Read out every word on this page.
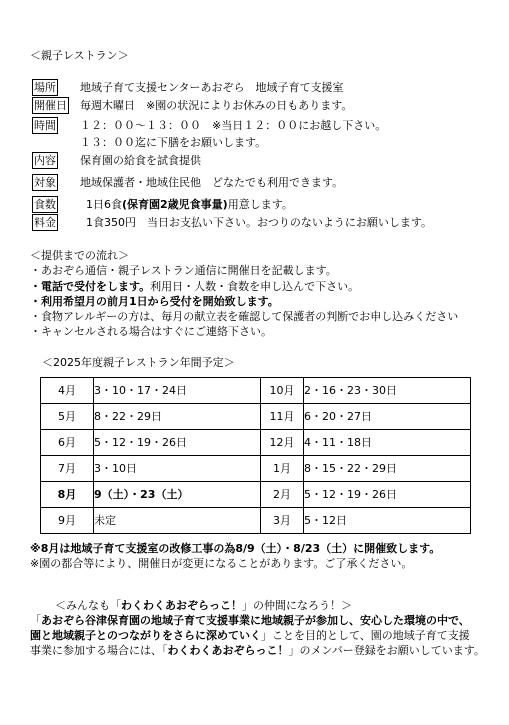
＜親子レストラン＞
場所 地域子育て支援センターあおぞら　地域子育て支援室
開催日 毎週木曜日　※園の状況によりお休みの日もあります。
時間 １２：００〜１３：００　※当日１２：００にお越し下さい。
１３：００迄に下膳をお願いします。
内容 保育園の給食を試食提供
対象 地域保護者・地域住民他　どなたでも利用できます。
食数	1日6食(保育園2歳児食事量)用意します。
料金	1食350円　当日お支払い下さい。おつりのないようにお願いします。
＜提供までの流れ＞
・あおぞら通信・親子レストラン通信に開催日を記載します。
・電話で受付をします。利用日・人数・食数を申し込んで下さい。
・利用希望月の前月1日から受付を開始致します。
・食物アレルギーの方は、毎月の献立表を確認して保護者の判断でお申し込みください
・キャンセルされる場合はすぐにご連絡下さい。
＜2025年度親子レストラン年間予定＞
4月	3・10・17・24日	10月	2・16・23・30日
5月	8・22・29日	11月	6・20・27日
6月	5・12・19・26日	12月	4・11・18日
7月	3・10日	1月	8・15・22・29日
8月	9（土）・23（土）	2月	5・12・19・26日
9月	未定	3月	5・12日
※8月は地域子育て支援室の改修工事の為8/9（土）・8/23（土）に開催致します。
※園の都合等により、開催日が変更になることがあります。ご了承ください。
＜みんなも「わくわくあおぞらっこ！」の仲間になろう！＞
「あおぞら谷津保育園の地域子育て支援事業に地域親子が参加し、安心した環境の中で、
園と地域親子とのつながりをさらに深めていく」ことを目的として、園の地域子育て支援
事業に参加する場合には、「わくわくあおぞらっこ！」のメンバー登録をお願いしています。
